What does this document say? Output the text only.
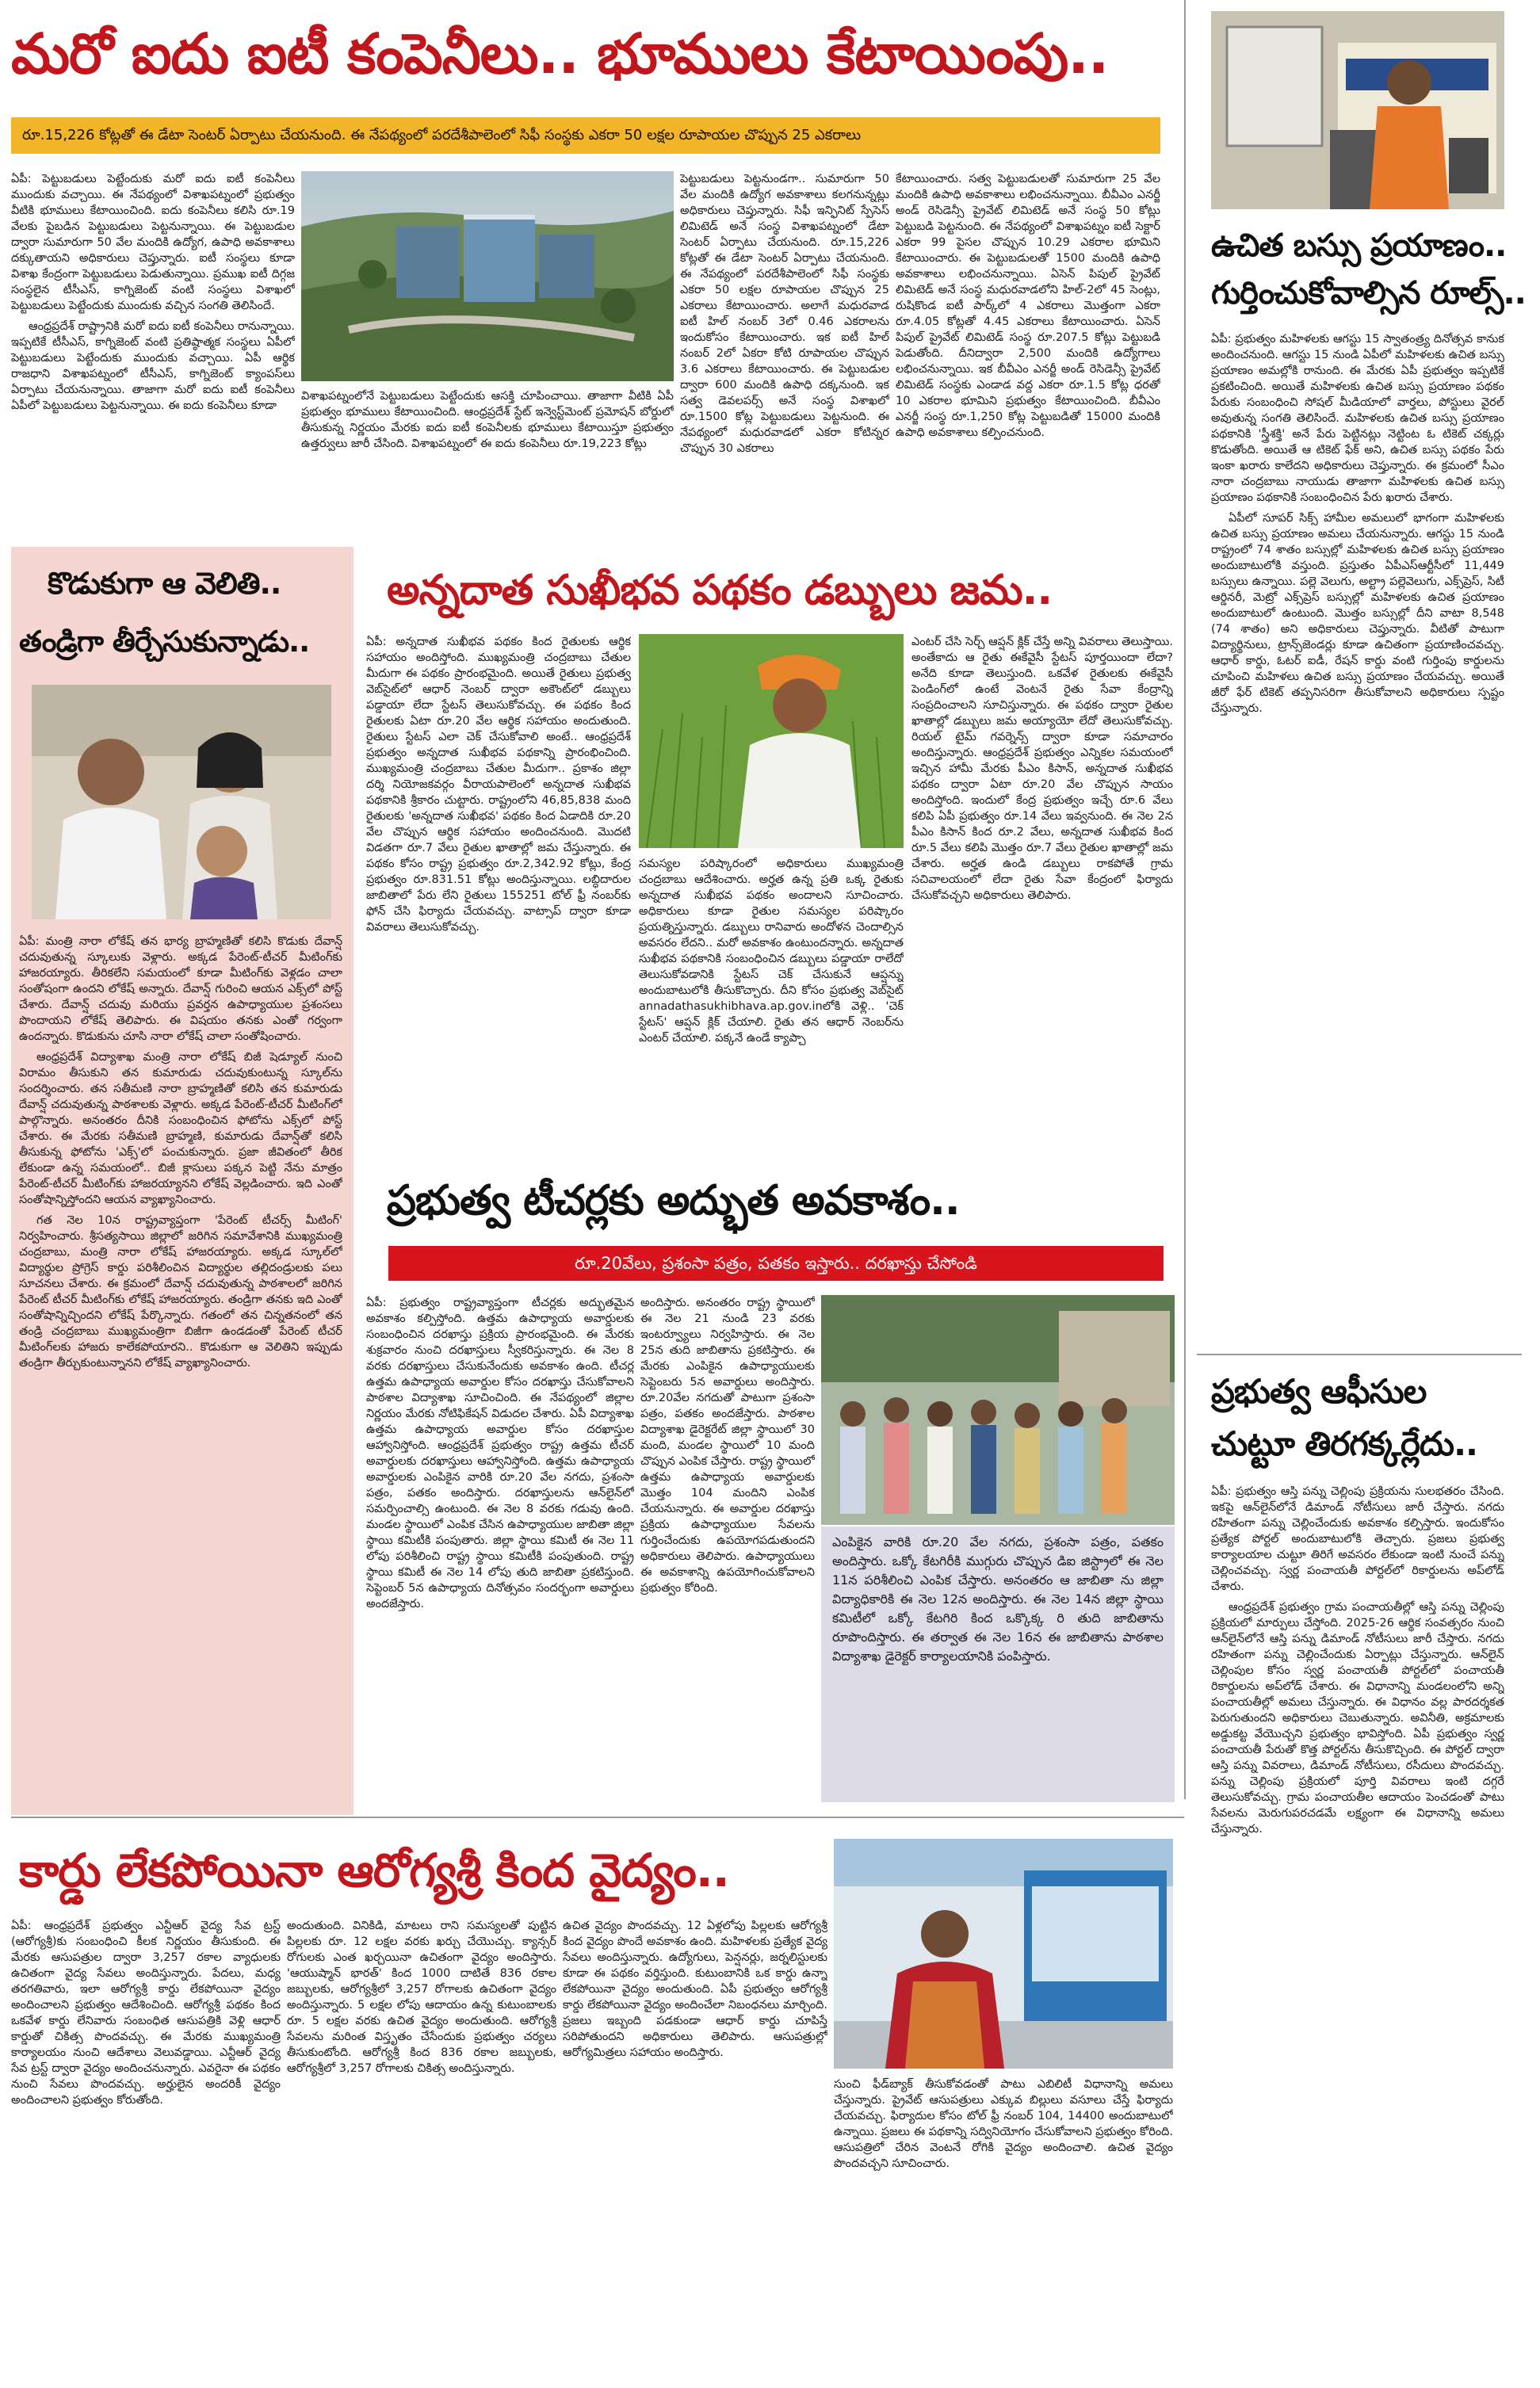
మరో ఐదు ఐటీ కంపెనీలు.. భూములు కేటాయింపు..
రూ.15,226 కోట్లతో ఈ డేటా సెంటర్ ఏర్పాటు చేయనుంది. ఈ నేపథ్యంలో పరదేశీపాలెంలో సిఫీ సంస్థకు ఎకరా 50 లక్షల రూపాయల చొప్పున 25 ఎకరాలు

ఏపీ: పెట్టుబడులు పెట్టేందుకు మరో ఐదు ఐటీ కంపెనీలు ముందుకు వచ్చాయి. ఈ నేపథ్యంలో విశాఖపట్నంలో ప్రభుత్వం వీటికి భూములు కేటాయించింది. ఐదు కంపెనీలు కలిసి రూ.19 వేలకు పైబడిన పెట్టుబడులు పెట్టనున్నాయి. ఈ పెట్టుబడుల ద్వారా సుమారుగా 50 వేల మందికి ఉద్యోగ, ఉపాధి అవకాశాలు దక్కుతాయని అధికారులు చెప్తున్నారు. ఐటీ సంస్థలు కూడా విశాఖ కేంద్రంగా పెట్టుబడులు పెడుతున్నాయి. ప్రముఖ ఐటీ దిగ్గజ సంస్థలైన టీసీఎస్, కాగ్నిజెంట్ వంటి సంస్థలు విశాఖలో పెట్టుబడులు పెట్టేందుకు ముందుకు వచ్చిన సంగతి తెలిసిందే.

ఆంధ్రప్రదేశ్ రాష్ట్రానికి మరో ఐదు ఐటీ కంపెనీలు రానున్నాయి. ఇప్పటికే టీసీఎస్, కాగ్నిజెంట్ వంటి ప్రతిష్ఠాత్మక సంస్థలు ఏపీలో పెట్టుబడులు పెట్టేందుకు ముందుకు వచ్చాయి. ఏపీ ఆర్థిక రాజధాని విశాఖపట్నంలో టీసీఎస్, కాగ్నిజెంట్ క్యాంపస్‌లు ఏర్పాటు చేయనున్నాయి. తాజాగా మరో ఐదు ఐటీ కంపెనీలు ఏపీలో పెట్టుబడులు పెట్టనున్నాయి. ఈ ఐదు కంపెనీలు కూడా

విశాఖపట్నంలోనే పెట్టుబడులు పెట్టేందుకు ఆసక్తి చూపించాయి. తాజాగా వీటికి ఏపీ ప్రభుత్వం భూములు కేటాయించింది. ఆంధ్రప్రదేశ్ స్టేట్ ఇన్వెస్ట్‌మెంట్ ప్రమోషన్ బోర్డులో తీసుకున్న నిర్ణయం మేరకు ఐదు ఐటీ కంపెనీలకు భూములు కేటాయిస్తూ ప్రభుత్వం ఉత్తర్వులు జారీ చేసింది. విశాఖపట్నంలో ఈ ఐదు కంపెనీలు రూ.19,223 కోట్లు

పెట్టుబడులు పెట్టనుండగా.. సుమారుగా 50 వేల మందికి ఉద్యోగ అవకాశాలు కలగనున్నట్లు అధికారులు చెప్తున్నారు. సిఫీ ఇన్ఫినిట్ స్పేసెస్ లిమిటెడ్ అనే సంస్థ విశాఖపట్నంలో డేటా సెంటర్ ఏర్పాటు చేయనుంది. రూ.15,226 కోట్లతో ఈ డేటా సెంటర్ ఏర్పాటు చేయనుంది. ఈ నేపథ్యంలో పరదేశీపాలెంలో సిఫీ సంస్థకు ఎకరా 50 లక్షల రూపాయల చొప్పున 25 ఎకరాలు కేటాయించారు. అలాగే మధురవాడ ఐటీ హిల్ నంబర్ 3లో 0.46 ఎకరాలను ఇందుకోసం కేటాయించారు. ఇక ఐటీ హిల్ నంబర్ 2లో ఏకరా కోటి రూపాయల చొప్పున 3.6 ఎకరాలు కేటాయించారు. ఈ పెట్టుబడుల ద్వారా 600 మందికి ఉపాధి దక్కనుంది. ఇక సత్వ డెవలపర్స్ అనే సంస్థ విశాఖలో రూ.1500 కోట్ల పెట్టుబడులు పెట్టనుంది. ఈ నేపథ్యంలో మధురవాడలో ఎకరా కోటిన్నర చొప్పున 30 ఎకరాలు

కేటాయించారు. సత్వ పెట్టుబడులతో సుమారుగా 25 వేల మందికి ఉపాధి అవకాశాలు లభించనున్నాయి. బీవీఎం ఎనర్జీ అండ్ రెసిడెన్సీ ప్రైవేట్ లిమిటెడ్ అనే సంస్థ 50 కోట్లు పెట్టుబడి పెట్టనుంది. ఈ నేపథ్యంలో విశాఖపట్నం ఐటీ సెక్టార్ ఎకరా 99 పైసల చొప్పున 10.29 ఎకరాల భూమిని కేటాయించారు. ఈ పెట్టుబడులతో 1500 మందికి ఉపాధి అవకాశాలు లభించనున్నాయి. ఏసెన్ పిపుల్ ప్రైవేట్ లిమిటెడ్ అనే సంస్థ మధురవాడలోని హిల్-2లో 45 సెంట్లు, రుషికొండ ఐటీ పార్క్‌లో 4 ఎకరాలు మొత్తంగా ఎకరా రూ.4.05 కోట్లతో 4.45 ఎకరాలు కేటాయించారు. ఏసెన్ పిపుల్ ప్రైవేట్ లిమిటెడ్ సంస్థ రూ.207.5 కోట్లు పెట్టుబడి పెడుతోంది. దీనిద్వారా 2,500 మందికి ఉద్యోగాలు లభించనున్నాయి. ఇక బీవీఎం ఎనర్జీ అండ్ రెసిడెన్సీ ప్రైవేట్ లిమిటెడ్ సంస్థకు ఎండాడ వద్ద ఎకరా రూ.1.5 కోట్ల ధరతో 10 ఎకరాల భూమిని ప్రభుత్వం కేటాయించింది. బీవీఎం ఎనర్జీ సంస్థ రూ.1,250 కోట్ల పెట్టుబడితో 15000 మందికి ఉపాధి అవకాశాలు కల్పించనుంది.

ఉచిత బస్సు ప్రయాణం..
గుర్తించుకోవాల్సిన రూల్స్..

ఏపీ: ప్రభుత్వం మహిళలకు ఆగస్టు 15 స్వాతంత్ర్య దినోత్సవ కానుక అందించనుంది. ఆగస్టు 15 నుండి ఏపీలో మహిళలకు ఉచిత బస్సు ప్రయాణం అమల్లోకి రానుంది. ఈ మేరకు ఏపీ ప్రభుత్వం ఇప్పటికే ప్రకటించింది. అయితే మహిళలకు ఉచిత బస్సు ప్రయాణం పథకం పేరుకు సంబంధించి సోషల్ మీడియాలో వార్తలు, పోస్టులు వైరల్ అవుతున్న సంగతి తెలిసిందే. మహిళలకు ఉచిత బస్సు ప్రయాణం పథకానికి 'స్త్రీశక్తి' అనే పేరు పెట్టినట్లు నెట్టింట ఓ టికెట్ చక్కర్లు కొడుతోంది. అయితే ఆ టికెట్ ఫేక్ అని, ఉచిత బస్సు పథకం పేరు ఇంకా ఖరారు కాలేదని అధికారులు చెప్తున్నారు. ఈ క్రమంలో సీఎం నారా చంద్రబాబు నాయుడు తాజాగా మహిళలకు ఉచిత బస్సు ప్రయాణం పథకానికి సంబంధించిన పేరు ఖరారు చేశారు.

ఏపీలో సూపర్ సిక్స్ హామీల అమలులో భాగంగా మహిళలకు ఉచిత బస్సు ప్రయాణం అమలు చేయనున్నారు. ఆగస్టు 15 నుండి రాష్ట్రంలో 74 శాతం బస్సుల్లో మహిళలకు ఉచిత బస్సు ప్రయాణం అందుబాటులోకి వస్తుంది. ప్రస్తుతం ఏపీఎస్ఆర్టీసీలో 11,449 బస్సులు ఉన్నాయి. పల్లె వెలుగు, అల్ట్రా పల్లెవెలుగు, ఎక్స్‌ప్రెస్, సిటీ ఆర్డినరీ, మెట్రో ఎక్స్‌ప్రెస్ బస్సుల్లో మహిళలకు ఉచిత ప్రయాణం అందుబాటులో ఉంటుంది. మొత్తం బస్సుల్లో దీని వాటా 8,548 (74 శాతం) అని అధికారులు చెప్తున్నారు. వీటితో పాటుగా విద్యార్థినులు, ట్రాన్స్‌జెండర్లు కూడా ఉచితంగా ప్రయాణించవచ్చు. ఆధార్ కార్డు, ఓటర్ ఐడీ, రేషన్ కార్డు వంటి గుర్తింపు కార్డులను చూపించి మహిళలు ఉచిత బస్సు ప్రయాణం చేయవచ్చు. అయితే జీరో ఫేర్ టికెట్ తప్పనిసరిగా తీసుకోవాలని అధికారులు స్పష్టం చేస్తున్నారు.

ప్రభుత్వ ఆఫీసుల
చుట్టూ తిరగక్కర్లేదు..

ఏపీ: ప్రభుత్వం ఆస్తి పన్ను చెల్లింపు ప్రక్రియను సులభతరం చేసింది. ఇకపై ఆన్‌లైన్‌లోనే డిమాండ్ నోటీసులు జారీ చేస్తారు. నగదు రహితంగా పన్ను చెల్లించేందుకు అవకాశం కల్పిస్తారు. ఇందుకోసం ప్రత్యేక పోర్టల్ అందుబాటులోకి తెచ్చారు. ప్రజలు ప్రభుత్వ కార్యాలయాల చుట్టూ తిరిగే అవసరం లేకుండా ఇంటి నుంచే పన్ను చెల్లించవచ్చు. స్వర్ణ పంచాయతీ పోర్టల్‌లో రికార్డులను అప్‌లోడ్ చేశారు.

ఆంధ్రప్రదేశ్ ప్రభుత్వం గ్రామ పంచాయతీల్లో ఆస్తి పన్ను చెల్లింపు ప్రక్రియలో మార్పులు చేస్తోంది. 2025-26 ఆర్థిక సంవత్సరం నుంచి ఆన్‌లైన్‌లోనే ఆస్తి పన్ను డిమాండ్ నోటీసులు జారీ చేస్తారు. నగదు రహితంగా పన్ను చెల్లించేందుకు ఏర్పాట్లు చేస్తున్నారు. ఆన్‌లైన్ చెల్లింపుల కోసం స్వర్ణ పంచాయతీ పోర్టల్‌లో పంచాయతీ రికార్డులను అప్‌లోడ్ చేశారు. ఈ విధానాన్ని మండలంలోని అన్ని పంచాయతీల్లో అమలు చేస్తున్నారు. ఈ విధానం వల్ల పారదర్శకత పెరుగుతుందని అధికారులు చెబుతున్నారు. అవినీతి, అక్రమాలకు అడ్డుకట్ట వేయొచ్చని ప్రభుత్వం భావిస్తోంది. ఏపీ ప్రభుత్వం స్వర్ణ పంచాయతీ పేరుతో కొత్త పోర్టల్‌ను తీసుకొచ్చింది. ఈ పోర్టల్ ద్వారా ఆస్తి పన్ను వివరాలు, డిమాండ్ నోటీసులు, రసీదులు పొందవచ్చు. పన్ను చెల్లింపు ప్రక్రియలో పూర్తి వివరాలు ఇంటి దగ్గరే తెలుసుకోవచ్చు. గ్రామ పంచాయతీల ఆదాయం పెంచడంతో పాటు సేవలను మెరుగుపరచడమే లక్ష్యంగా ఈ విధానాన్ని అమలు చేస్తున్నారు.

కొడుకుగా ఆ వెలితి..
తండ్రిగా తీర్చేసుకున్నాడు..

ఏపీ: మంత్రి నారా లోకేష్ తన భార్య బ్రాహ్మణితో కలిసి కొడుకు దేవాన్ష్ చదువుతున్న స్కూలుకు వెళ్లారు. అక్కడ పేరెంట్-టీచర్ మీటింగ్‌కు హాజరయ్యారు. తీరికలేని సమయంలో కూడా మీటింగ్‌కు వెళ్లడం చాలా సంతోషంగా ఉందని లోకేష్ అన్నారు. దేవాన్ష్ గురించి ఆయన ఎక్స్‌లో పోస్ట్ చేశారు. దేవాన్ష్ చదువు మరియు ప్రవర్తన ఉపాధ్యాయుల ప్రశంసలు పొందాయని లోకేష్ తెలిపారు. ఈ విషయం తనకు ఎంతో గర్వంగా ఉందన్నారు. కొడుకును చూసి నారా లోకేష్ చాలా సంతోషించారు.

ఆంధ్రప్రదేశ్ విద్యాశాఖ మంత్రి నారా లోకేష్ బిజీ షెడ్యూల్ నుంచి విరామం తీసుకుని తన కుమారుడు చదువుకుంటున్న స్కూల్‌ను సందర్శించారు. తన సతీమణి నారా బ్రాహ్మణితో కలిసి తన కుమారుడు దేవాన్ష్ చదువుతున్న పాఠశాలకు వెళ్లారు. అక్కడ పేరెంట్-టీచర్ మీటింగ్‌లో పాల్గొన్నారు. అనంతరం దీనికి సంబంధించిన ఫోటోను ఎక్స్‌లో పోస్ట్ చేశారు. ఈ మేరకు సతీమణి బ్రాహ్మణి, కుమారుడు దేవాన్ష్‌తో కలిసి తీసుకున్న ఫోటోను 'ఎక్స్'లో పంచుకున్నారు. ప్రజా జీవితంలో తీరిక లేకుండా ఉన్న సమయంలో.. బిజీ క్లాసులు పక్కన పెట్టి నేను మాత్రం పేరెంట్-టీచర్ మీటింగ్‌కు హాజరయ్యానని లోకేష్ వెల్లడించారు. ఇది ఎంతో సంతోషాన్నిస్తోందని ఆయన వ్యాఖ్యానించారు.

గత నెల 10న రాష్ట్రవ్యాప్తంగా 'పేరెంట్ టీచర్స్ మీటింగ్' నిర్వహించారు. శ్రీసత్యసాయి జిల్లాలో జరిగిన సమావేశానికి ముఖ్యమంత్రి చంద్రబాబు, మంత్రి నారా లోకేష్ హాజరయ్యారు. అక్కడ స్కూల్‌లో విద్యార్థుల ప్రోగ్రెస్ కార్డు పరిశీలించిన విద్యార్థుల తల్లిదండ్రులకు పలు సూచనలు చేశారు. ఈ క్రమంలో దేవాన్ష్ చదువుతున్న పాఠశాలలో జరిగిన పేరెంట్ టీచర్ మీటింగ్‌కు లోకేష్ హాజరయ్యారు. తండ్రిగా తనకు ఇది ఎంతో సంతోషాన్నిచ్చిందని లోకేష్ పేర్కొన్నారు. గతంలో తన చిన్నతనంలో తన తండ్రి చంద్రబాబు ముఖ్యమంత్రిగా బిజీగా ఉండడంతో పేరెంట్ టీచర్ మీటింగ్‌లకు హాజరు కాలేకపోయారని.. కొడుకుగా ఆ వెలితిని ఇప్పుడు తండ్రిగా తీర్చుకుంటున్నానని లోకేష్ వ్యాఖ్యానించారు.

అన్నదాత సుఖీభవ పథకం డబ్బులు జమ..

ఏపీ: అన్నదాత సుఖీభవ పథకం కింద రైతులకు ఆర్థిక సహాయం అందిస్తోంది. ముఖ్యమంత్రి చంద్రబాబు చేతుల మీదుగా ఈ పథకం ప్రారంభమైంది. అయితే రైతులు ప్రభుత్వ వెబ్‌సైట్‌లో ఆధార్ నెంబర్ ద్వారా అకౌంట్‌లో డబ్బులు పడ్డాయా లేదా స్టేటస్ తెలుసుకోవచ్చు. ఈ పథకం కింద రైతులకు ఏటా రూ.20 వేల ఆర్థిక సహాయం అందుతుంది. రైతులు స్టేటస్ ఎలా చెక్ చేసుకోవాలి అంటే.. ఆంధ్రప్రదేశ్ ప్రభుత్వం అన్నదాత సుఖీభవ పథకాన్ని ప్రారంభించింది. ముఖ్యమంత్రి చంద్రబాబు చేతుల మీదుగా.. ప్రకాశం జిల్లా దర్శి నియోజకవర్గం వీరాయపాలెంలో అన్నదాత సుఖీభవ పథకానికి శ్రీకారం చుట్టారు. రాష్ట్రంలోని 46,85,838 మంది రైతులకు 'అన్నదాత సుఖీభవ' పథకం కింద ఏడాదికి రూ.20 వేల చొప్పున ఆర్థిక సహాయం అందించనుంది. మొదటి విడతగా రూ.7 వేలు రైతుల ఖాతాల్లో జమ చేస్తున్నారు. ఈ పథకం కోసం రాష్ట్ర ప్రభుత్వం రూ.2,342.92 కోట్లు, కేంద్ర ప్రభుత్వం రూ.831.51 కోట్లు అందిస్తున్నాయి. లబ్ధిదారుల జాబితాలో పేరు లేని రైతులు 155251 టోల్ ఫ్రీ నంబర్‌కు ఫోన్ చేసి ఫిర్యాదు చేయవచ్చు. వాట్సాప్ ద్వారా కూడా వివరాలు తెలుసుకోవచ్చు.

సమస్యల పరిష్కారంలో అధికారులు ముఖ్యమంత్రి చంద్రబాబు ఆదేశించారు. అర్హత ఉన్న ప్రతి ఒక్క రైతుకు అన్నదాత సుఖీభవ పథకం అందాలని సూచించారు. అధికారులు కూడా రైతుల సమస్యల పరిష్కారం ప్రయత్నిస్తున్నారు. డబ్బులు రానివారు అందోళన చెందాల్సిన అవసరం లేదని.. మరో అవకాశం ఉంటుందన్నారు. అన్నదాత సుఖీభవ పథకానికి సంబంధించిన డబ్బులు పడ్డాయా రాలేదో తెలుసుకోవడానికి స్టేటస్ చెక్ చేసుకునే ఆప్షన్ను అందుబాటులోకి తీసుకొచ్చారు. దీని కోసం ప్రభుత్వ వెబ్‌సైట్ annadathasukhibhava.ap.gov.inలోకి వెళ్లి.. 'చెక్ స్టేటస్' ఆప్షన్ క్లిక్ చేయాలి. రైతు తన ఆధార్ నెంబర్‌ను ఎంటర్ చేయాలి. పక్కనే ఉండే క్యాప్చా

ఎంటర్ చేసి సెర్చ్ ఆప్షన్ క్లిక్ చేస్తే అన్ని వివరాలు తెలుస్తాయి. అంతేకాదు ఆ రైతు ఈకేవైసీ స్టేటస్ పూర్తయిందా లేదా? అనేది కూడా తెలుస్తుంది. ఒకవేళ రైతులకు ఈకేవైసీ పెండింగ్‌లో ఉంటే వెంటనే రైతు సేవా కేంద్రాన్ని సంప్రదించాలని సూచిస్తున్నారు. ఈ పథకం ద్వారా రైతుల ఖాతాల్లో డబ్బులు జమ అయ్యాయో లేదో తెలుసుకోవచ్చు. రియల్ టైమ్ గవర్నెన్స్ ద్వారా కూడా సమాచారం అందిస్తున్నారు. ఆంధ్రప్రదేశ్ ప్రభుత్వం ఎన్నికల సమయంలో ఇచ్చిన హామీ మేరకు పీఎం కిసాన్, అన్నదాత సుఖీభవ పథకం ద్వారా ఏటా రూ.20 వేల చొప్పున సాయం అందిస్తోంది. ఇందులో కేంద్ర ప్రభుత్వం ఇచ్చే రూ.6 వేలు కలిపి ఏపీ ప్రభుత్వం రూ.14 వేలు ఇవ్వనుంది. ఈ నెల 2న పీఎం కిసాన్ కింద రూ.2 వేలు, అన్నదాత సుఖీభవ కింద రూ.5 వేలు కలిపి మొత్తం రూ.7 వేలు రైతుల ఖాతాల్లో జమ చేశారు. అర్హత ఉండి డబ్బులు రాకపోతే గ్రామ సచివాలయంలో లేదా రైతు సేవా కేంద్రంలో ఫిర్యాదు చేసుకోవచ్చని అధికారులు తెలిపారు.

ప్రభుత్వ టీచర్లకు అద్భుత అవకాశం..
రూ.20వేలు, ప్రశంసా పత్రం, పతకం ఇస్తారు.. దరఖాస్తు చేసోండి

ఏపీ: ప్రభుత్వం రాష్ట్రవ్యాప్తంగా టీచర్లకు అద్భుతమైన అవకాశం కల్పిస్తోంది. ఉత్తమ ఉపాధ్యాయ అవార్డులకు సంబంధించిన దరఖాస్తు ప్రక్రియ ప్రారంభమైంది. ఈ మేరకు శుక్రవారం నుంచి దరఖాస్తులు స్వీకరిస్తున్నారు. ఈ నెల 8 వరకు దరఖాస్తులు చేసుకునేందుకు అవకాశం ఉంది. టీచర్ల ఉత్తమ ఉపాధ్యాయ అవార్డుల కోసం దరఖాస్తు చేసుకోవాలని పాఠశాల విద్యాశాఖ సూచించింది. ఈ నేపథ్యంలో జిల్లాల నిర్ణయం మేరకు నోటిఫికేషన్ విడుదల చేశారు. ఏపీ విద్యాశాఖ ఉత్తమ ఉపాధ్యాయ అవార్డుల కోసం దరఖాస్తుల ఆహ్వానిస్తోంది. ఆంధ్రప్రదేశ్ ప్రభుత్వం రాష్ట్ర ఉత్తమ టీచర్ అవార్డులకు దరఖాస్తులు ఆహ్వానిస్తోంది. ఉత్తమ ఉపాధ్యాయ అవార్డులకు ఎంపికైన వారికి రూ.20 వేల నగదు, ప్రశంసా పత్రం, పతకం అందిస్తారు. దరఖాస్తులను ఆన్‌లైన్‌లో సమర్పించాల్సి ఉంటుంది. ఈ నెల 8 వరకు గడువు ఉంది. మండల స్థాయిలో ఎంపిక చేసిన ఉపాధ్యాయుల జాబితా జిల్లా స్థాయి కమిటీకి పంపుతారు. జిల్లా స్థాయి కమిటీ ఈ నెల 11 లోపు పరిశీలించి రాష్ట్ర స్థాయి కమిటీకి పంపుతుంది. రాష్ట్ర స్థాయి కమిటీ ఈ నెల 14 లోపు తుది జాబితా ప్రకటిస్తుంది. సెప్టెంబర్ 5న ఉపాధ్యాయ దినోత్సవం సందర్భంగా అవార్డులు అందజేస్తారు.

అందిస్తారు. అనంతరం రాష్ట్ర స్థాయిలో ఈ నెల 21 నుండి 23 వరకు ఇంటర్వ్యూలు నిర్వహిస్తారు. ఈ నెల 25న తుది జాబితాను ప్రకటిస్తారు. ఈ మేరకు ఎంపికైన ఉపాధ్యాయులకు సెప్టెంబరు 5న అవార్డులు అందిస్తారు. రూ.20వేల నగదుతో పాటుగా ప్రశంసా పత్రం, పతకం అందజేస్తారు. పాఠశాల విద్యాశాఖ డైరెక్టరేట్ జిల్లా స్థాయిలో 30 మంది, మండల స్థాయిలో 10 మంది చొప్పున ఎంపిక చేస్తారు. రాష్ట్ర స్థాయిలో ఉత్తమ ఉపాధ్యాయ అవార్డులకు మొత్తం 104 మందిని ఎంపిక చేయనున్నారు. ఈ అవార్డుల దరఖాస్తు ప్రక్రియ ఉపాధ్యాయుల సేవలను గుర్తించేందుకు ఉపయోగపడుతుందని అధికారులు తెలిపారు. ఉపాధ్యాయులు ఈ అవకాశాన్ని ఉపయోగించుకోవాలని ప్రభుత్వం కోరింది.

ఎంపికైన వారికి రూ.20 వేల నగదు, ప్రశంసా పత్రం, పతకం అందిస్తారు. ఒక్కో కేటగిరీకి ముగ్గురు చొప్పున డిఐ జిస్ట్రాలో ఈ నెల 11న పరిశీలించి ఎంపిక చేస్తారు. అనంతరం ఆ జాబితా ను జిల్లా విద్యాధికారికి ఈ నెల 12న అందిస్తారు. ఈ నెల 14న జిల్లా స్థాయి కమిటీలో ఒక్కో కేటగిరి కింద ఒక్కొక్క రి తుది జాబితాను రూపొందిస్తారు. ఈ తర్వాత ఈ నెల 16న ఈ జాబితాను పాఠశాల విద్యాశాఖ డైరెక్టర్ కార్యాలయానికి పంపిస్తారు.
కార్డు లేకపోయినా ఆరోగ్యశ్రీ కింద వైద్యం..

ఏపీ: ఆంధ్రప్రదేశ్ ప్రభుత్వం ఎన్టీఆర్ వైద్య సేవ ట్రస్ట్ (ఆరోగ్యశ్రీ)కు సంబంధించి కీలక నిర్ణయం తీసుకుంది. ఈ మేరకు ఆసుపత్రుల ద్వారా 3,257 రకాల వ్యాధులకు ఉచితంగా వైద్య సేవలు అందిస్తున్నారు. పేదలు, మధ్య తరగతివారు, ఇలా ఆరోగ్యశ్రీ కార్డు లేకపోయినా వైద్యం అందించాలని ప్రభుత్వం ఆదేశించింది. ఆరోగ్యశ్రీ పథకం కింద ఒకవేళ కార్డు లేనివారు సంబంధిత ఆసుపత్రికి వెళ్లి ఆధార్ కార్డుతో చికిత్స పొందవచ్చు. ఈ మేరకు ముఖ్యమంత్రి కార్యాలయం నుంచి ఆదేశాలు వెలువడ్డాయి. ఎన్టీఆర్ వైద్య సేవ ట్రస్ట్ ద్వారా వైద్యం అందించనున్నారు. ఎవరైనా ఈ పథకం నుంచి సేవలు పొందవచ్చు. అర్హులైన అందరికీ వైద్యం అందించాలని ప్రభుత్వం కోరుతోంది.

అందుతుంది. వినికిడి, మాటలు రాని సమస్యలతో పుట్టిన పిల్లలకు రూ. 12 లక్షల వరకు ఖర్చు చేయొచ్చు. క్యాన్సర్ రోగులకు ఎంత ఖర్చయినా ఉచితంగా వైద్యం అందిస్తారు. 'ఆయుష్మాన్ భారత్' కింద 1000 దాటితే 836 రకాల జబ్బులకు, ఆరోగ్యశ్రీలో 3,257 రోగాలకు ఉచితంగా వైద్యం అందిస్తున్నారు. 5 లక్షల లోపు ఆదాయం ఉన్న కుటుంబాలకు రూ. 5 లక్షల వరకు ఉచిత వైద్యం అందుతుంది. ఆరోగ్యశ్రీ సేవలను మరింత విస్తృతం చేసేందుకు ప్రభుత్వం చర్యలు తీసుకుంటోంది. ఆరోగ్యశ్రీ కింద 836 రకాల జబ్బులకు, ఆరోగ్యశ్రీలో 3,257 రోగాలకు చికిత్స అందిస్తున్నారు.

ఉచిత వైద్యం పొందవచ్చు. 12 ఏళ్లలోపు పిల్లలకు ఆరోగ్యశ్రీ కింద వైద్యం పొందే అవకాశం ఉంది. మహిళలకు ప్రత్యేక వైద్య సేవలు అందిస్తున్నారు. ఉద్యోగులు, పెన్షనర్లు, జర్నలిస్టులకు కూడా ఈ పథకం వర్తిస్తుంది. కుటుంబానికి ఒక కార్డు ఉన్నా లేకపోయినా వైద్యం అందుతుంది. ఏపీ ప్రభుత్వం ఆరోగ్యశ్రీ కార్డు లేకపోయినా వైద్యం అందించేలా నిబంధనలు మార్చింది. ప్రజలు ఇబ్బంది పడకుండా ఆధార్ కార్డు చూపిస్తే సరిపోతుందని అధికారులు తెలిపారు. ఆసుపత్రుల్లో ఆరోగ్యమిత్రలు సహాయం అందిస్తారు.

సుంచి ఫీడ్‌బ్యాక్ తీసుకోవడంతో పాటు ఎబిలిటీ విధానాన్ని అమలు చేస్తున్నారు. ప్రైవేట్ ఆసుపత్రులు ఎక్కువ బిల్లులు వసూలు చేస్తే ఫిర్యాదు చేయవచ్చు. ఫిర్యాదుల కోసం టోల్ ఫ్రీ నంబర్ 104, 14400 అందుబాటులో ఉన్నాయి. ప్రజలు ఈ పథకాన్ని సద్వినియోగం చేసుకోవాలని ప్రభుత్వం కోరింది. ఆసుపత్రిలో చేరిన వెంటనే రోగికి వైద్యం అందించాలి. ఉచిత వైద్యం పొందవచ్చని సూచించారు.
